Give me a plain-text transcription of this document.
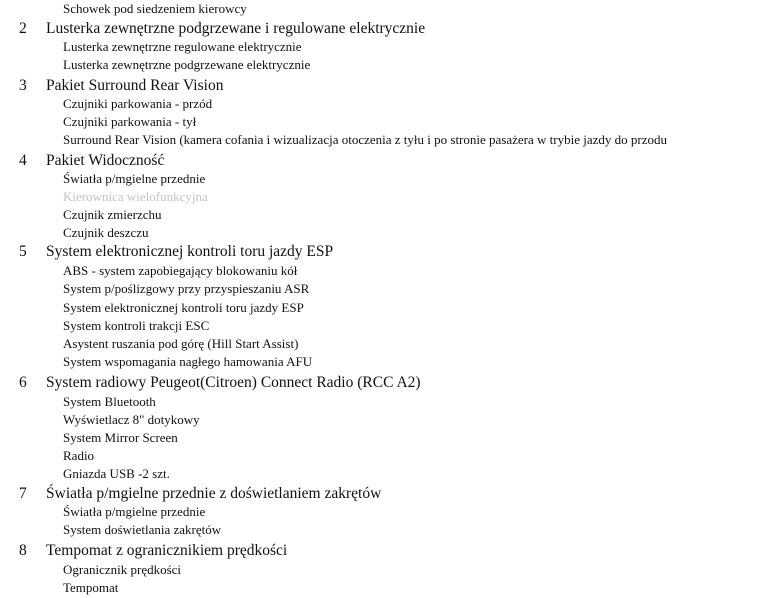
Schowek pod siedzeniem kierowcy
2 Lusterka zewnętrzne podgrzewane i regulowane elektrycznie
Lusterka zewnętrzne regulowane elektrycznie
Lusterka zewnętrzne podgrzewane elektrycznie
3 Pakiet Surround Rear Vision
Czujniki parkowania - przód
Czujniki parkowania - tył
Surround Rear Vision (kamera cofania i wizualizacja otoczenia z tyłu i po stronie pasażera w trybie jazdy do przodu
4 Pakiet Widoczność
Światła p/mgielne przednie
Kierownica wielofunkcyjna
Czujnik zmierzchu
Czujnik deszczu
5 System elektronicznej kontroli toru jazdy ESP
ABS - system zapobiegający blokowaniu kół
System p/poślizgowy przy przyspieszaniu ASR
System elektronicznej kontroli toru jazdy ESP
System kontroli trakcji ESC
Asystent ruszania pod górę (Hill Start Assist)
System wspomagania nagłego hamowania AFU
6 System radiowy Peugeot(Citroen) Connect Radio (RCC A2)
System Bluetooth
Wyświetlacz 8" dotykowy
System Mirror Screen
Radio
Gniazda USB -2 szt.
7 Światła p/mgielne przednie z doświetlaniem zakrętów
Światła p/mgielne przednie
System doświetlania zakrętów
8 Tempomat z ogranicznikiem prędkości
Ogranicznik prędkości
Tempomat
